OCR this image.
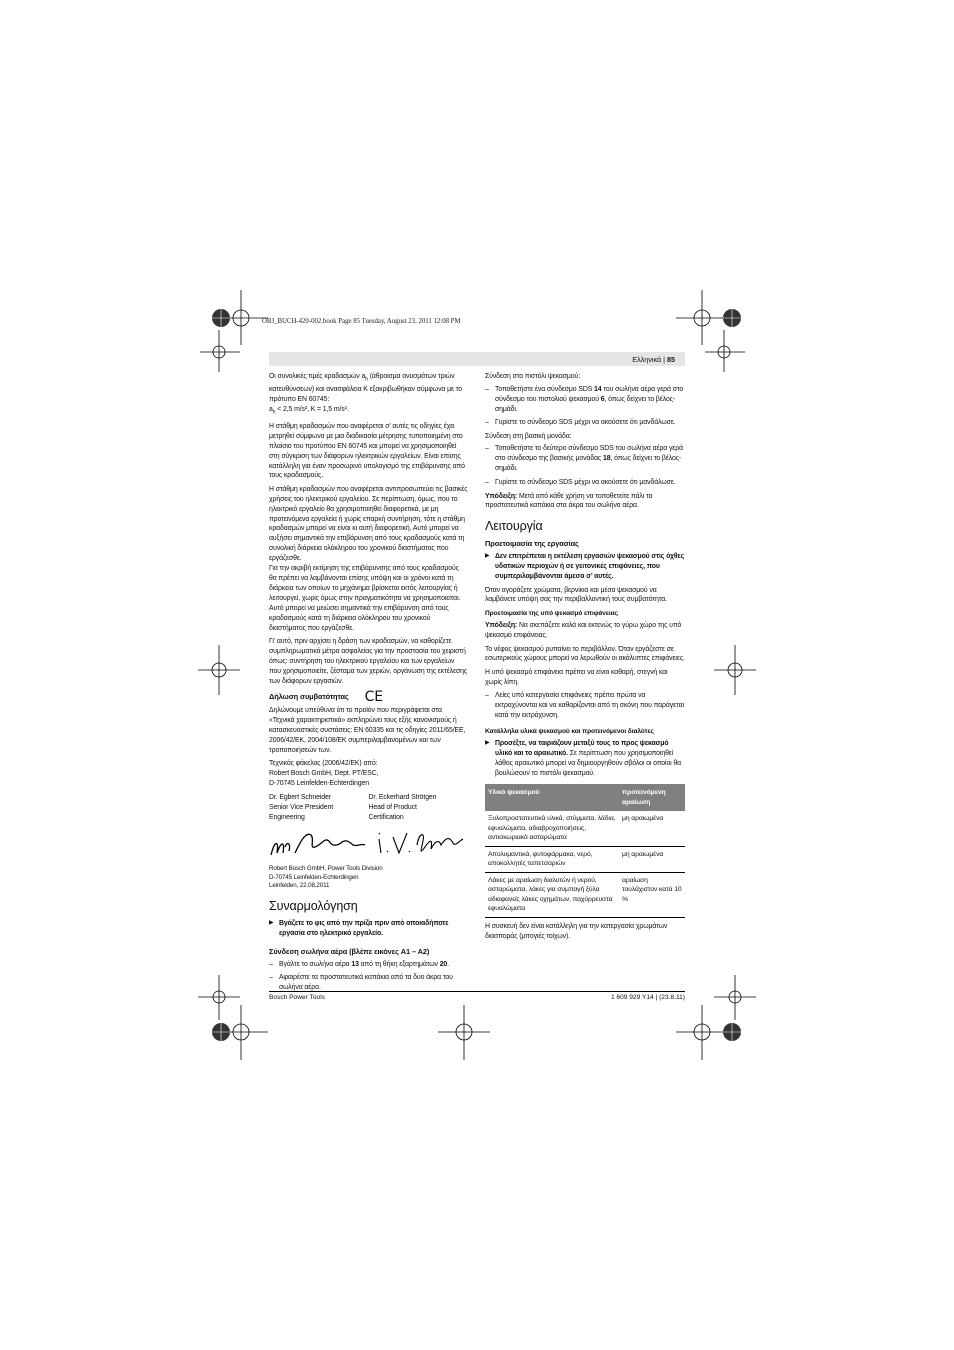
OBJ_BUCH-420-002.book Page 85 Tuesday, August 23, 2011 12:08 PM
Ελληνικά | 85

Οι συνολικές τιμές κραδασμών $a_h$ (άθροισμα ανυσμάτων τριών κατευθύνσεων) και ανασφάλεια K εξακριβωθήκαν σύμφωνα με το πρότυπο EN 60745:
$a_h < 2,5$ m/s², K = 1,5 m/s².

Η στάθμη κραδασμών που αναφέρεται σ’ αυτές τις οδηγίες έχει μετρηθεί σύμφωνα με μια διαδικασία μέτρησης τυποποιημένη στο πλαίσιο του προτύπου EN 60745 και μπορεί να χρησιμοποιηθεί στη σύγκριση των διάφορων ηλεκτρικών εργαλείων. Είναι επίσης κατάλληλη για έναν προσωρινό υπολογισμό της επιβάρυνσης από τους κραδασμούς.

Η στάθμη κραδασμών που αναφέρεται αντιπροσωπεύει τις βασικές χρήσεις του ηλεκτρικού εργαλείου. Σε περίπτωση, όμως, που το ηλεκτρικό εργαλείο θα χρησιμοποιηθεί διαφορετικά, με μη προτεινόμενα εργαλεία ή χωρίς επαρκή συντήρηση, τότε η στάθμη κραδασμών μπορεί να είναι κι αυτή διαφορετική. Αυτό μπορεί να αυξήσει σημαντικά την επιβάρυνση από τους κραδασμούς κατά τη συνολική διάρκεια ολόκληρου του χρονικού διαστήματος που εργάζεσθε.

Για την ακριβή εκτίμηση της επιβάρυνσης από τους κραδασμούς θα πρέπει να λαμβάνονται επίσης υπόψη και οι χρόνοι κατά τη διάρκεια των οποίων το μηχάνημα βρίσκεται εκτός λειτουργίας ή λειτουργεί, χωρίς όμως στην πραγματικότητα να χρησιμοποιείται. Αυτό μπορεί να μειώσει σημαντικά την επιβάρυνση από τους κραδασμούς κατά τη διάρκεια ολόκληρου του χρονικού διαστήματος που εργάζεσθε.

Γι’ αυτό, πριν αρχίσει η δράση των κραδασμών, να καθορίζετε συμπληρωματικά μέτρα ασφαλείας για την προστασία του χειριστή όπως: συντήρηση του ηλεκτρικού εργαλείου και των εργαλείων που χρησιμοποιείτε, ζέσταμα των χεριών, οργάνωση της εκτέλεσης των διάφορων εργασιών.

Δήλωση συμβατότητας CE

Δηλώνουμε υπεύθυνα ότι το προϊόν που περιγράφεται στα «Τεχνικά χαρακτηριστικά» εκπληρώνει τους εξής κανονισμούς ή κατασκευαστικές συστάσεις: EN 60335 και τις οδηγίες 2011/65/ΕΕ, 2006/42/ΕΚ, 2004/108/ΕΚ συμπεριλαμβανομένων και των τροποποιήσεών των.

Τεχνικός φάκελος (2006/42/ΕΚ) από:
Robert Bosch GmbH, Dept. PT/ESC,
D-70745 Leinfelden-Echterdingen

Dr. Egbert Schneider
Senior Vice President
Engineering
Dr. Eckerhard Strötgen
Head of Product
Certification

Robert Bosch GmbH, Power Tools Division
D-70745 Leinfelden-Echterdingen
Leinfelden, 22.08.2011

Συναρμολόγηση

▶ Βγάζετε το φις από την πρίζα πριν από οποιαδήποτε εργασία στο ηλεκτρικό εργαλείο.

Σύνδεση σωλήνα αέρα (βλέπε εικόνες A1 – A2)

– Βγάλτε το σωλήνα αέρα 13 από τη θήκη εξαρτημάτων 20.

– Αφαιρέστε τα προστατευτικά καπάκια από τα δυο άκρα του σωλήνα αέρα.

Σύνδεση στο πιστόλι ψεκασμού:

– Τοποθετήστε ένα σύνδεσμο SDS 14 του σωλήνα αέρα γερά στο σύνδεσμο του πιστολιού ψεκασμού 6, όπως δείχνει το βέλος-σημάδι.

– Γυρίστε το σύνδεσμο SDS μέχρι να ακούσετε ότι μανδάλωσε.

Σύνδεση στη βασική μονάδα:

– Τοποθετήστε το δεύτερο σύνδεσμο SDS του σωλήνα αέρα γερά στο σύνδεσμο της βασικής μονάδας 18, όπως δείχνει το βέλος-σημάδι.

– Γυρίστε το σύνδεσμο SDS μέχρι να ακούσετε ότι μανδάλωσε.

Υπόδειξη: Μετά από κάθε χρήση να τοποθετείτε πάλι τα προστατευτικά καπάκια στα άκρα του σωλήνα αέρα.

Λειτουργία
Προετοιμασία της εργασίας

▶ Δεν επιτρέπεται η εκτέλεση εργασιών ψεκασμού στις όχθες υδατικών περιοχών ή σε γειτονικές επιφάνειες, που συμπεριλαμβάνονται άμεσα σ’ αυτές.

Όταν αγοράζετε χρώματα, βερνίκια και μέσα ψεκασμού να λαμβάνετε υπόψη σας την περιβαλλοντική τους συμβατότητα.

Προετοιμασία της υπό ψεκασμό επιφάνειας

Υπόδειξη: Να σκεπάζετε καλά και εκτενώς το γύρω χώρο της υπό ψεκασμό επιφάνειας.

Το νέφος ψεκασμού ρυπαίνει το περιβάλλον. Όταν εργάζεστε σε εσωτερικούς χώρους μπορεί να λερωθούν οι ακάλυπτες επιφάνειες.

Η υπό ψεκασμό επιφάνεια πρέπει να είναι καθαρή, στεγνή και χωρίς λίπη.

– Λείες υπό κατεργασία επιφάνειες πρέπει πρώτα να εκτραχύνονται και να καθαρίζονται από τη σκόνη που παράγεται κατά την εκτράχυνση.

Κατάλληλα υλικά ψεκασμού και προτεινόμενοι διαλύτες

▶ Προσέξτε, να ταιριάζουν μεταξύ τους το προς ψεκασμό υλικό και το αραιωτικό. Σε περίπτωση που χρησιμοποιηθεί λάθος αραιωτικό μπορεί να δημιουργηθούν σβόλοι οι οποίοι θα βουλώσουν το πιστόλι ψεκασμού.

Υλικό ψεκασμού	προτεινόμενη αραίωση
Ξυλοπροστατευτικά υλικά, στύμματα, λάδια, εφυαλώματα, αδιαβροχοποιήσεις, αντισκωριακά ασταρώματα	μη αραιωμένα
Απολυμαντικά, φυτοφάρμακα, νερό, αποκολλητές ταπετσαριών	μη αραιωμένα
Λάκες με αραίωση διαλυτών ή νερού, ασταρώματα, λάκες για συμπαγή ξύλα αδιαφανείς λάκες οχημάτων, παχύρρευστα εφυαλώματα	αραίωση τουλάχιστον κατά 10 %

Η συσκευή δεν είναι κατάλληλη για την κατεργασία χρωμάτων διασποράς (μπογιές τοίχων).

Bosch Power Tools	1 609 929 Y14 | (23.8.11)
